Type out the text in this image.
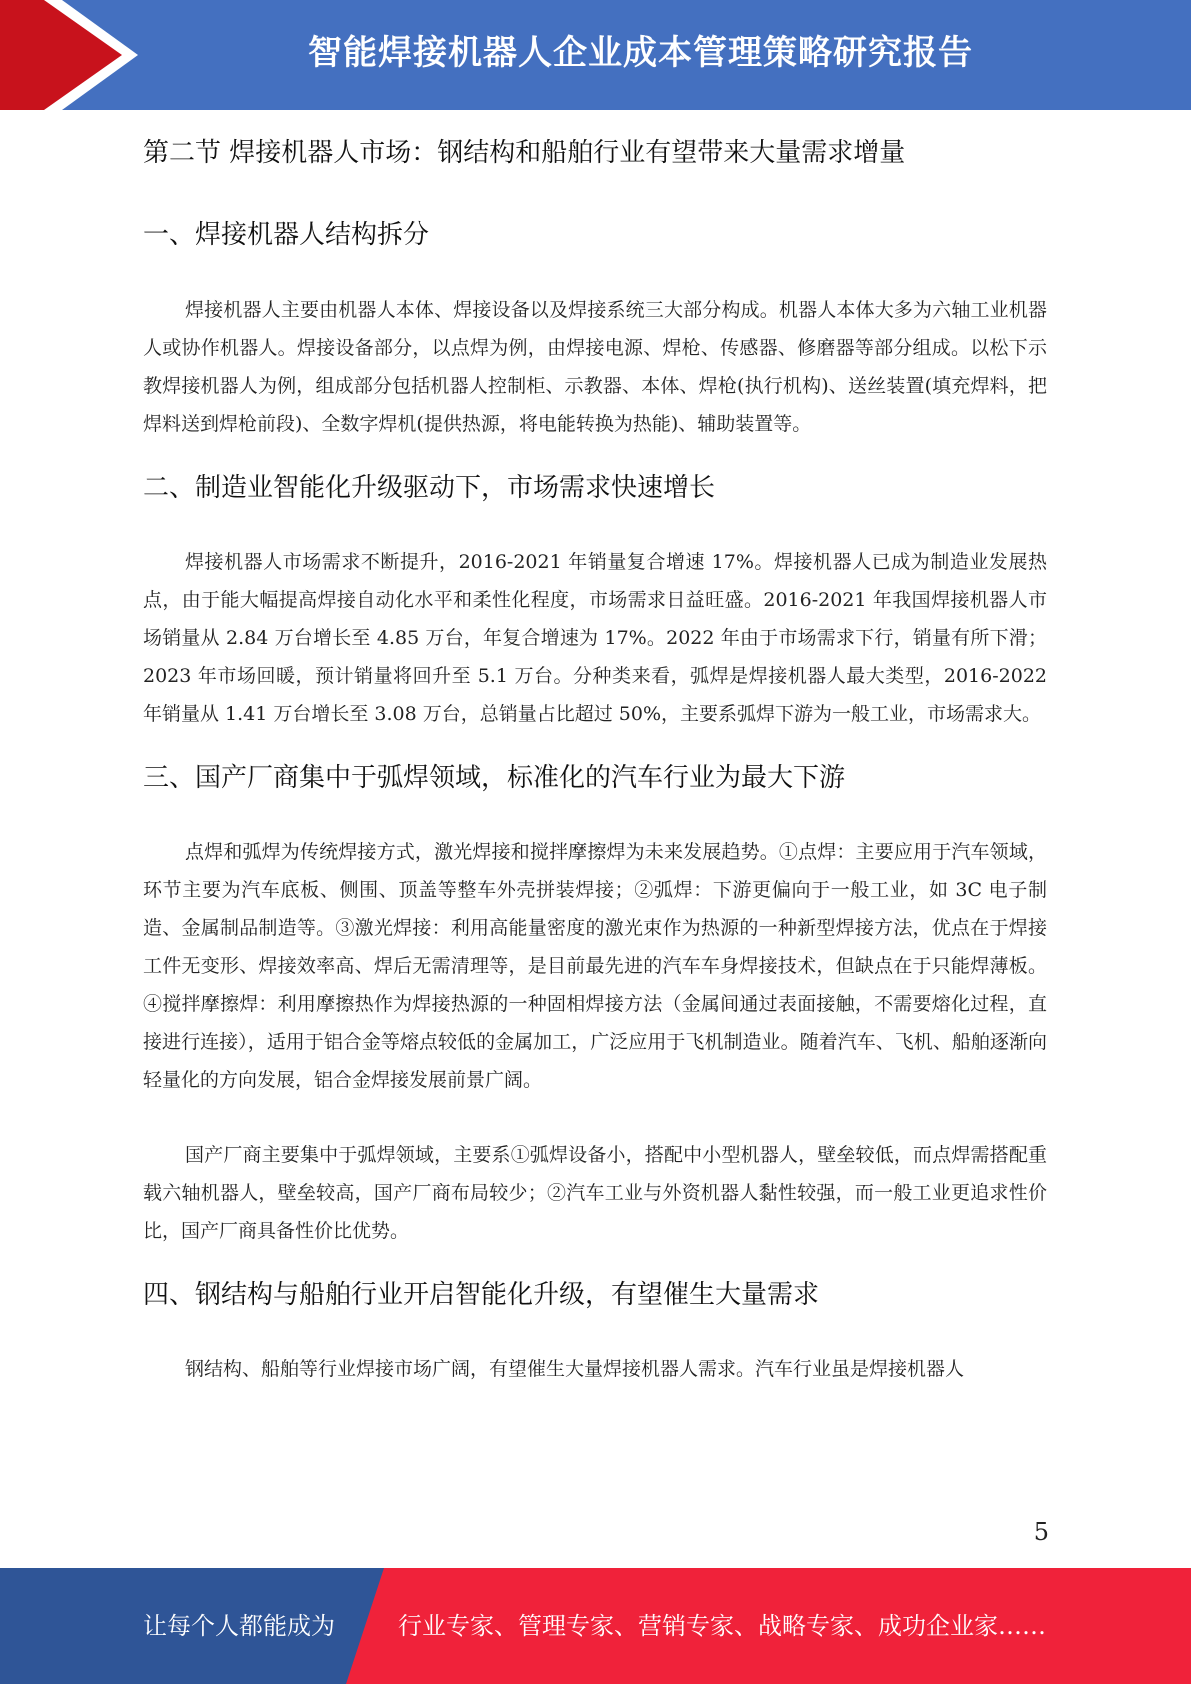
智能焊接机器人企业成本管理策略研究报告
第二节 焊接机器人市场：钢结构和船舶行业有望带来大量需求增量
一、焊接机器人结构拆分

焊接机器人主要由机器人本体、焊接设备以及焊接系统三大部分构成。机器人本体大多为六轴工业机器人或协作机器人。焊接设备部分，以点焊为例，由焊接电源、焊枪、传感器、修磨器等部分组成。以松下示教焊接机器人为例，组成部分包括机器人控制柜、示教器、本体、焊枪(执行机构)、送丝装置(填充焊料，把焊料送到焊枪前段)、全数字焊机(提供热源，将电能转换为热能)、辅助装置等。

二、制造业智能化升级驱动下，市场需求快速增长

焊接机器人市场需求不断提升，2016-2021 年销量复合增速 17%。焊接机器人已成为制造业发展热点，由于能大幅提高焊接自动化水平和柔性化程度，市场需求日益旺盛。2016-2021 年我国焊接机器人市场销量从 2.84 万台增长至 4.85 万台，年复合增速为 17%。2022 年由于市场需求下行，销量有所下滑；2023 年市场回暖，预计销量将回升至 5.1 万台。分种类来看，弧焊是焊接机器人最大类型，2016-2022 年销量从 1.41 万台增长至 3.08 万台，总销量占比超过 50%，主要系弧焊下游为一般工业，市场需求大。

三、国产厂商集中于弧焊领域，标准化的汽车行业为最大下游

点焊和弧焊为传统焊接方式，激光焊接和搅拌摩擦焊为未来发展趋势。①点焊：主要应用于汽车领域，环节主要为汽车底板、侧围、顶盖等整车外壳拼装焊接；②弧焊：下游更偏向于一般工业，如 3C 电子制造、金属制品制造等。③激光焊接：利用高能量密度的激光束作为热源的一种新型焊接方法，优点在于焊接工件无变形、焊接效率高、焊后无需清理等，是目前最先进的汽车车身焊接技术，但缺点在于只能焊薄板。④搅拌摩擦焊：利用摩擦热作为焊接热源的一种固相焊接方法（金属间通过表面接触，不需要熔化过程，直接进行连接），适用于铝合金等熔点较低的金属加工，广泛应用于飞机制造业。随着汽车、飞机、船舶逐渐向轻量化的方向发展，铝合金焊接发展前景广阔。

国产厂商主要集中于弧焊领域，主要系①弧焊设备小，搭配中小型机器人，壁垒较低，而点焊需搭配重载六轴机器人，壁垒较高，国产厂商布局较少；②汽车工业与外资机器人黏性较强，而一般工业更追求性价比，国产厂商具备性价比优势。

四、钢结构与船舶行业开启智能化升级，有望催生大量需求

钢结构、船舶等行业焊接市场广阔，有望催生大量焊接机器人需求。汽车行业虽是焊接机器人

5
让每个人都能成为	行业专家、管理专家、营销专家、战略专家、成功企业家……
